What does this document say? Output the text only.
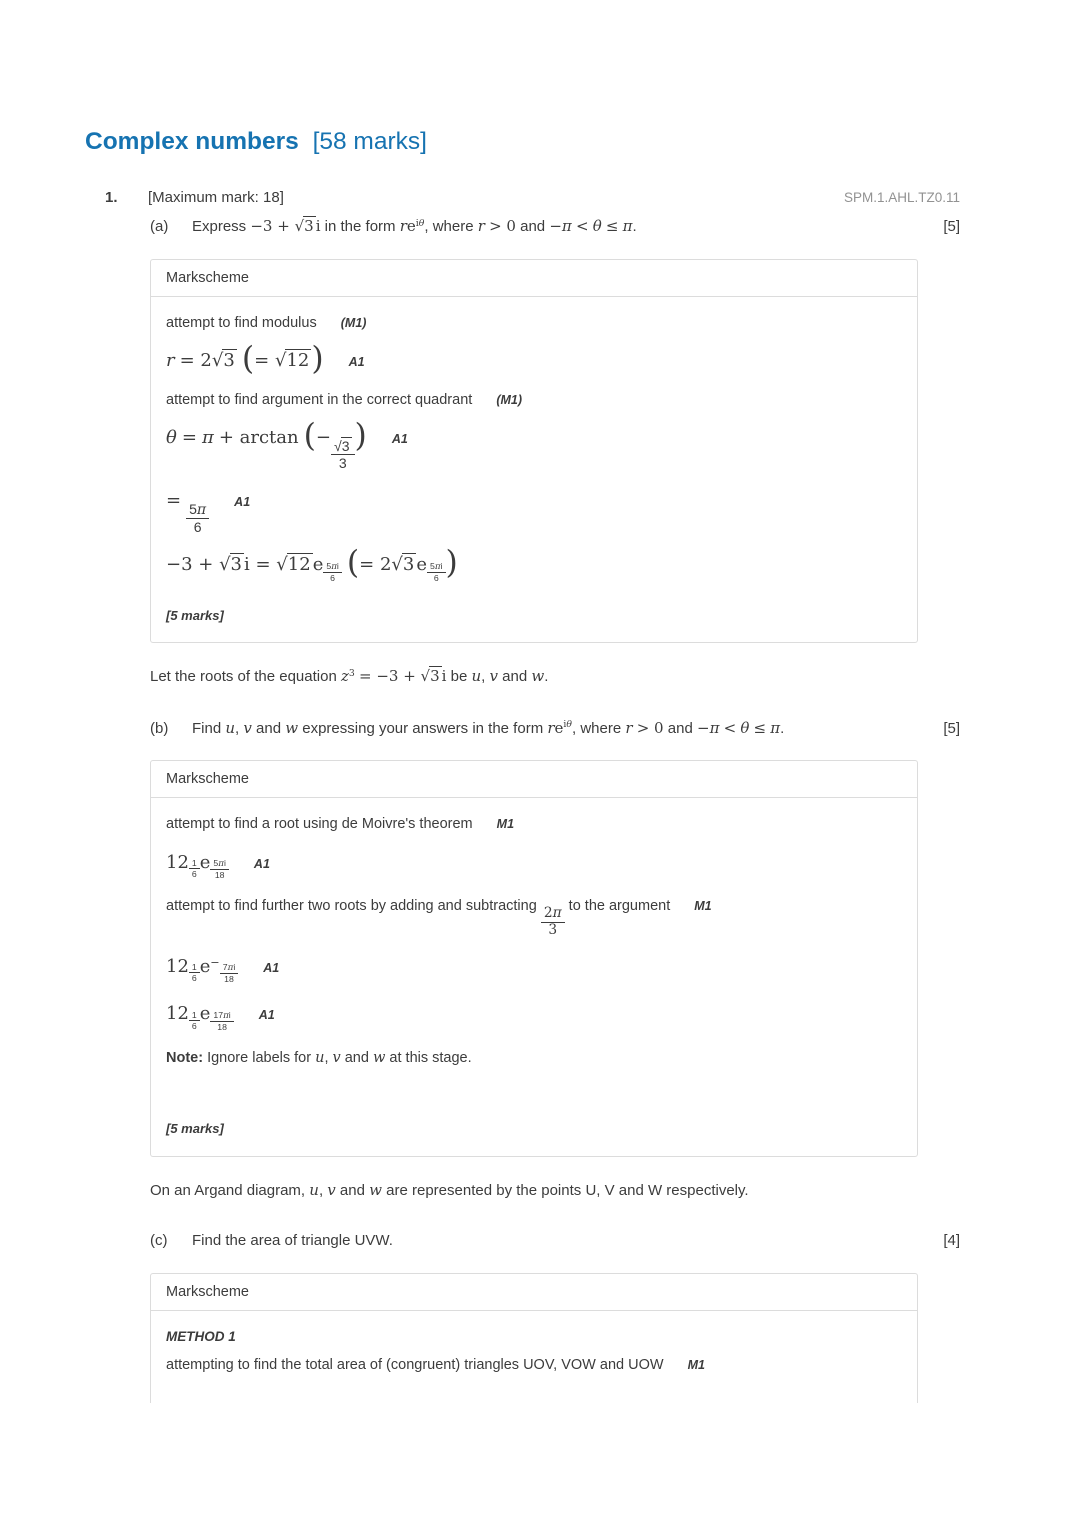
Complex numbers [58 marks]
1.	[Maximum mark: 18]	SPM.1.AHL.TZ0.11
(a)	Express −3 + √3 i in the form $re^{i\theta}$, where r > 0 and −π < θ ≤ π.	[5]
Markscheme
attempt to find modulus (M1)
r = 2√3 (= √12) A1
attempt to find argument in the correct quadrant (M1)
θ = π + arctan (−
$\frac{√3}{3}$
) A1
=
$\frac{5\pi}{6} A1$
−3 + √3 i = √12 e $^{\frac{5\pi i}{6}}$ (= 2√3 e $^{\frac{5\pi i}{6}}$ )
[5 marks]

Let the roots of the equation $z^3 = -3 + √3$ i be u, v and w.

(b)	Find u, v and w expressing your answers in the form $re^{i\theta}$, where r > 0 and −π < θ ≤ π.	[5]
Markscheme
attempt to find a root using de Moivre's theorem M1
12 $^{\frac{1}{6}}$ e $^{\frac{5\pi i}{18}}$ A1
attempt to find further two roots by adding and subtracting
$\frac{2\pi}{3}$
to the argument M1
12 $^{\frac{1}{6}}$ $e^{- \frac{7\pi i}{18}}$ A1
12 $^{\frac{1}{6}}$ e $^{\frac{17\pi i}{18}}$ A1
Note: Ignore labels for u, v and w at this stage.
[5 marks]

On an Argand diagram, u, v and w are represented by the points U, V and W respectively.

(c)	Find the area of triangle UVW.	[4]
Markscheme
METHOD 1
attempting to find the total area of (congruent) triangles UOV, VOW and UOW M1
